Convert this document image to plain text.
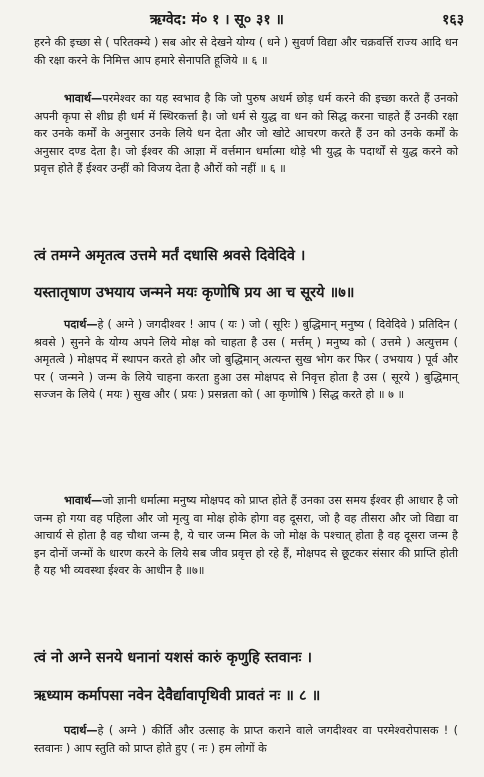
ऋग्वेद: मं० १ । सू० ३१ ॥	१६३
हरने की इच्छा से ( परितक्म्ये ) सब ओर से देखने योग्य ( धने ) सुवर्ण विद्या और चक्रवर्त्ति राज्य आदि धन की रक्षा करने के निमित्त आप हमारे सेनापति हूजिये ॥ ६ ॥
भावार्थ—परमेश्वर का यह स्वभाव है कि जो पुरुष अधर्म छोड़ धर्म करने की इच्छा करते हैं उनको अपनी कृपा से शीघ्र ही धर्म में स्थिरकर्त्ता है। जो धर्म से युद्ध वा धन को सिद्ध करना चाहते हैं उनकी रक्षा कर उनके कर्मों के अनुसार उनके लिये धन देता और जो खोटे आचरण करते हैं उन को उनके कर्मों के अनुसार दण्ड देता है। जो ईश्वर की आज्ञा में वर्त्तमान धर्मात्मा थोड़े भी युद्ध के पदार्थों से युद्ध करने को प्रवृत्त होते हैं ईश्वर उन्हीं को विजय देता है औरों को नहीं ॥ ६ ॥
त्वं तमग्ने अमृतत्व उत्तमे मर्तं दधासि श्रवसे दिवेदिवे ।
यस्तातृषाण उभयाय जन्मने मयः कृणोषि प्रय आ च सूरये ॥७॥
पदार्थ—हे ( अग्ने ) जगदीश्वर ! आप ( यः ) जो ( सूरिः ) बुद्धिमान् मनुष्य ( दिवेदिवे ) प्रतिदिन ( श्रवसे ) सुनने के योग्य अपने लिये मोक्ष को चाहता है उस ( मर्त्तम् ) मनुष्य को ( उत्तमे ) अत्युत्तम ( अमृतत्वे ) मोक्षपद में स्थापन करते हो और जो बुद्धिमान् अत्यन्त सुख भोग कर फिर ( उभयाय ) पूर्व और पर ( जन्मने ) जन्म के लिये चाहना करता हुआ उस मोक्षपद से निवृत्त होता है उस ( सूरये ) बुद्धिमान् सज्जन के लिये ( मयः ) सुख और ( प्रयः ) प्रसन्नता को ( आ कृणोषि ) सिद्ध करते हो ॥ ७ ॥
भावार्थ—जो ज्ञानी धर्मात्मा मनुष्य मोक्षपद को प्राप्त होते हैं उनका उस समय ईश्वर ही आधार है जो जन्म हो गया वह पहिला और जो मृत्यु वा मोक्ष होके होगा वह दूसरा, जो है वह तीसरा और जो विद्या वा आचार्य से होता है वह चौथा जन्म है, ये चार जन्म मिल के जो मोक्ष के पश्चात् होता है वह दूसरा जन्म है इन दोनों जन्मों के धारण करने के लिये सब जीव प्रवृत्त हो रहे हैं, मोक्षपद से छूटकर संसार की प्राप्ति होती है यह भी व्यवस्था ईश्वर के आधीन है ॥७॥
त्वं नो अग्ने सनये धनानां यशसं कारुं कृणुहि स्तवानः ।
ऋध्याम कर्मापसा नवेन देवैर्द्यावापृथिवी प्रावतं नः ॥ ८ ॥
पदार्थ—हे ( अग्ने ) कीर्ति और उत्साह के प्राप्त कराने वाले जगदीश्वर वा परमेश्वरोपासक ! ( स्तवानः ) आप स्तुति को प्राप्त होते हुए ( नः ) हम लोगों के
